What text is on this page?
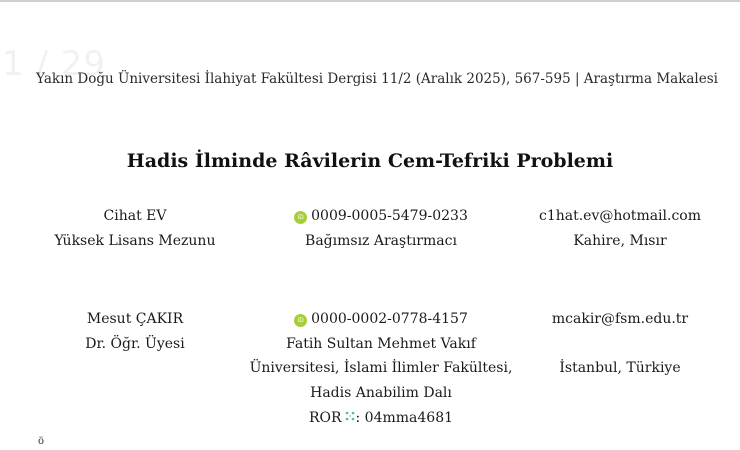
1 / 29
Yakın Doğu Üniversitesi İlahiyat Fakültesi Dergisi 11/2 (Aralık 2025), 567-595 | Araştırma Makalesi
Hadis İlminde Râvilerin Cem-Tefriki Problemi
Cihat EV
Yüksek Lisans Mezunu
iD 0009-0005-5479-0233
Bağımsız Araştırmacı
c1hat.ev@hotmail.com
Kahire, Mısır
Mesut ÇAKIR
Dr. Öğr. Üyesi
iD 0000-0002-0778-4157
Fatih Sultan Mehmet Vakıf
Üniversitesi, İslami İlimler Fakültesi,
Hadis Anabilim Dalı
ROR : 04mma4681
mcakir@fsm.edu.tr
İstanbul, Türkiye
ö
